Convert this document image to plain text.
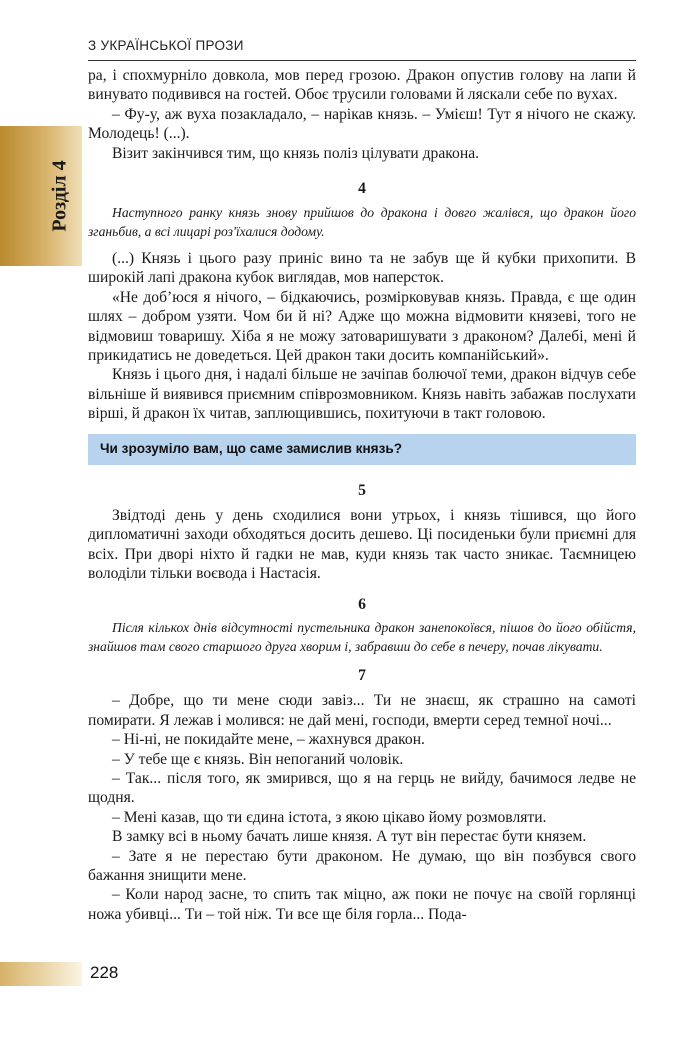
З УКРАЇНСЬКОЇ ПРОЗИ
Розділ 4

ра, і спохмурніло довкола, мов перед грозою. Дракон опустив голову на лапи й винувато подивився на гостей. Обоє трусили головами й ляскали себе по вухах.

– Фу-у, аж вуха позакладало, – нарікав князь. – Умієш! Тут я нічого не скажу. Молодець! (...).

Візит закінчився тим, що князь поліз цілувати дракона.

4

Наступного ранку князь знову прийшов до дракона і довго жалівся, що дракон його зганьбив, а всі лицарі роз'їхалися додому.

(...) Князь і цього разу приніс вино та не забув ще й кубки прихопити. В широкій лапі дракона кубок виглядав, мов наперсток.

«Не добʼюся я нічого, – бідкаючись, розмірковував князь. Правда, є ще один шлях – добром узяти. Чом би й ні? Адже що можна відмовити князеві, того не відмовиш товаришу. Хіба я не можу затоваришувати з драконом? Далебі, мені й прикидатись не доведеться. Цей дракон таки досить компанійський».

Князь і цього дня, і надалі більше не зачіпав болючої теми, дракон відчув себе вільніше й виявився приємним співрозмовником. Князь навіть забажав послухати вірші, й дракон їх читав, заплющившись, похитуючи в такт головою.

Чи зрозуміло вам, що саме замислив князь?

5

Звідтоді день у день сходилися вони утрьох, і князь тішився, що його дипломатичні заходи обходяться досить дешево. Ці посиденьки були приємні для всіх. При дворі ніхто й гадки не мав, куди князь так часто зникає. Таємницею володіли тільки воєвода і Настасія.

6

Після кількох днів відсутності пустельника дракон занепокоївся, пішов до його обійстя, знайшов там свого старшого друга хворим і, забравши до себе в печеру, почав лікувати.

7

– Добре, що ти мене сюди завіз... Ти не знаєш, як страшно на самоті помирати. Я лежав і молився: не дай мені, господи, вмерти серед темної ночі...

– Ні-ні, не покидайте мене, – жахнувся дракон.

– У тебе ще є князь. Він непоганий чоловік.

– Так... після того, як змирився, що я на герць не вийду, бачимося ледве не щодня.

– Мені казав, що ти єдина істота, з якою цікаво йому розмовляти.

В замку всі в ньому бачать лише князя. А тут він перестає бути князем.

– Зате я не перестаю бути драконом. Не думаю, що він позбувся свого бажання знищити мене.

– Коли народ засне, то спить так міцно, аж поки не почує на своїй горлянці ножа убивці... Ти – той ніж. Ти все ще біля горла... Пода-

228
